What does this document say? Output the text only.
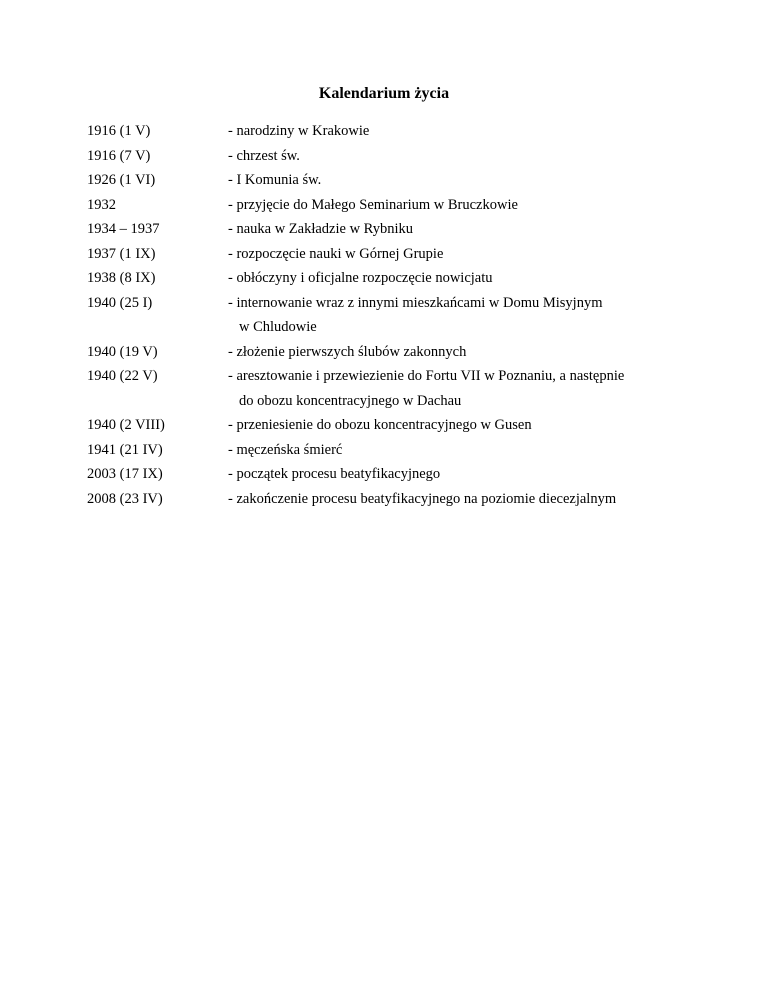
Kalendarium życia
1916 (1 V)	- narodziny w Krakowie
1916 (7 V)	- chrzest św.
1926 (1 VI)	- I Komunia św.
1932	- przyjęcie do Małego Seminarium w Bruczkowie
1934 – 1937	- nauka w Zakładzie w Rybniku
1937 (1 IX)	- rozpoczęcie nauki w Górnej Grupie
1938 (8 IX)	- obłóczyny i oficjalne rozpoczęcie nowicjatu
1940 (25 I)	- internowanie wraz z innymi mieszkańcami w Domu Misyjnym
w Chludowie
1940 (19 V)	- złożenie pierwszych ślubów zakonnych
1940 (22 V)	- aresztowanie i przewiezienie do Fortu VII w Poznaniu, a następnie
do obozu koncentracyjnego w Dachau
1940 (2 VIII)	- przeniesienie do obozu koncentracyjnego w Gusen
1941 (21 IV)	- męczeńska śmierć
2003 (17 IX)	- początek procesu beatyfikacyjnego
2008 (23 IV)	- zakończenie procesu beatyfikacyjnego na poziomie diecezjalnym
